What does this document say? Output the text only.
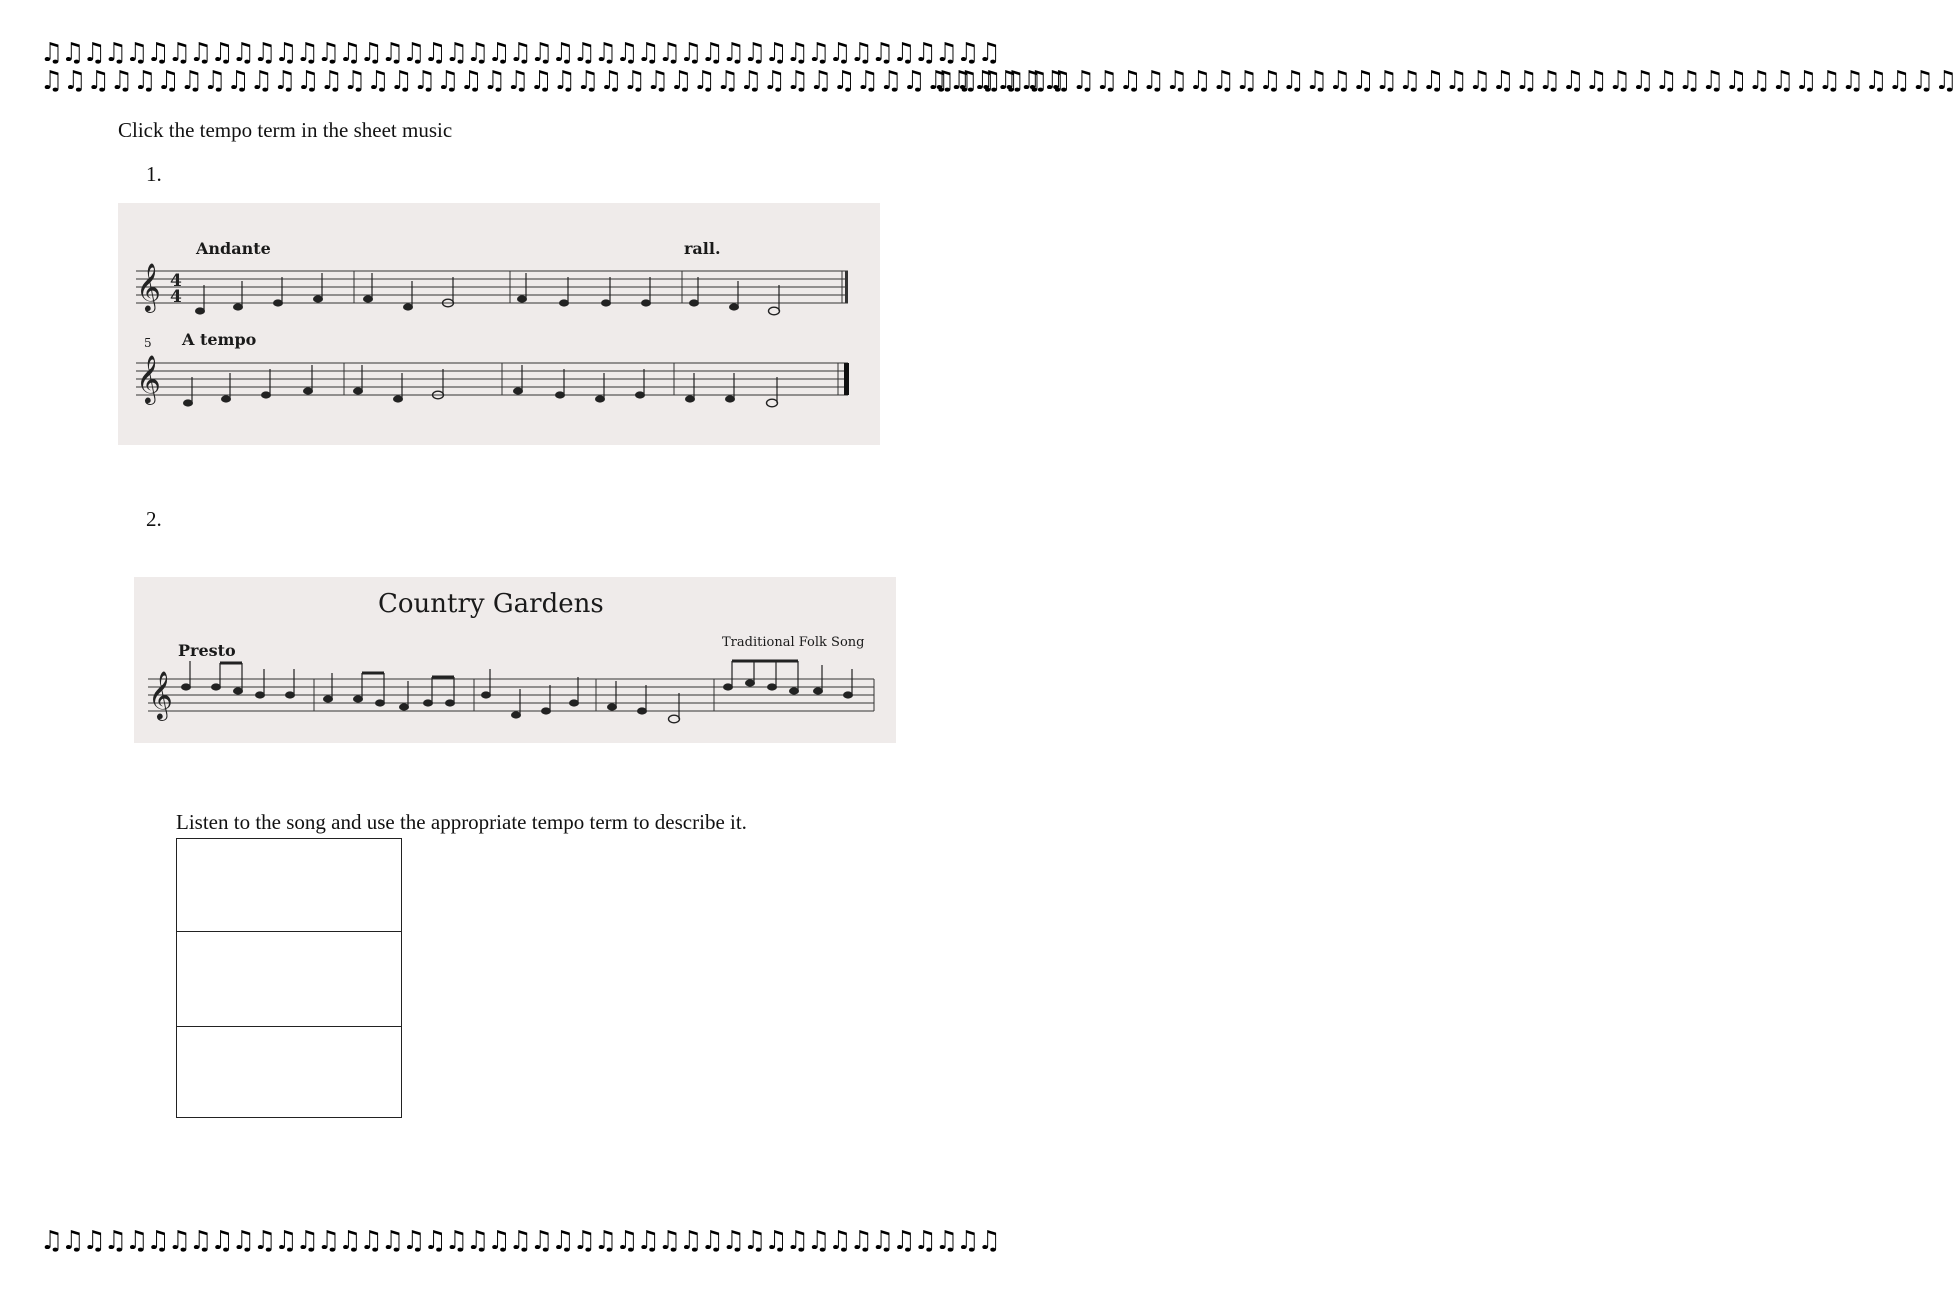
♫♫♫♫♫♫♫♫♫♫♫♫♫♫♫♫♫♫♫♫♫♫♫♫♫♫♫♫♫♫♫♫♫♫♫♫♫♫♫♫♫♫♫♫♫
♫♫♫♫♫♫♫♫♫♫♫♫♫♫♫♫♫♫♫♫♫♫♫♫♫♫♫♫♫♫♫♫♫♫♫♫♫♫♫♫♫♫♫♫♫
♫♫♫♫♫♫♫♫♫♫♫♫♫♫♫♫♫♫♫♫♫♫♫♫♫♫♫♫♫♫♫♫♫♫♫♫♫♫♫♫♫♫♫♫
♫♫♫♫♫♫♫♫♫♫♫♫♫♫♫♫♫♫♫♫♫♫♫♫♫♫♫♫♫♫♫♫♫♫♫♫♫♫♫♫♫♫♫♫
Click the tempo term in the sheet music
1.
𝄞
𝄞
4
4
Andante	rall.
5 A tempo
2.
Country Gardens
Traditional Folk Song
Presto
𝄞
Listen to the song and use the appropriate tempo term to describe it.
